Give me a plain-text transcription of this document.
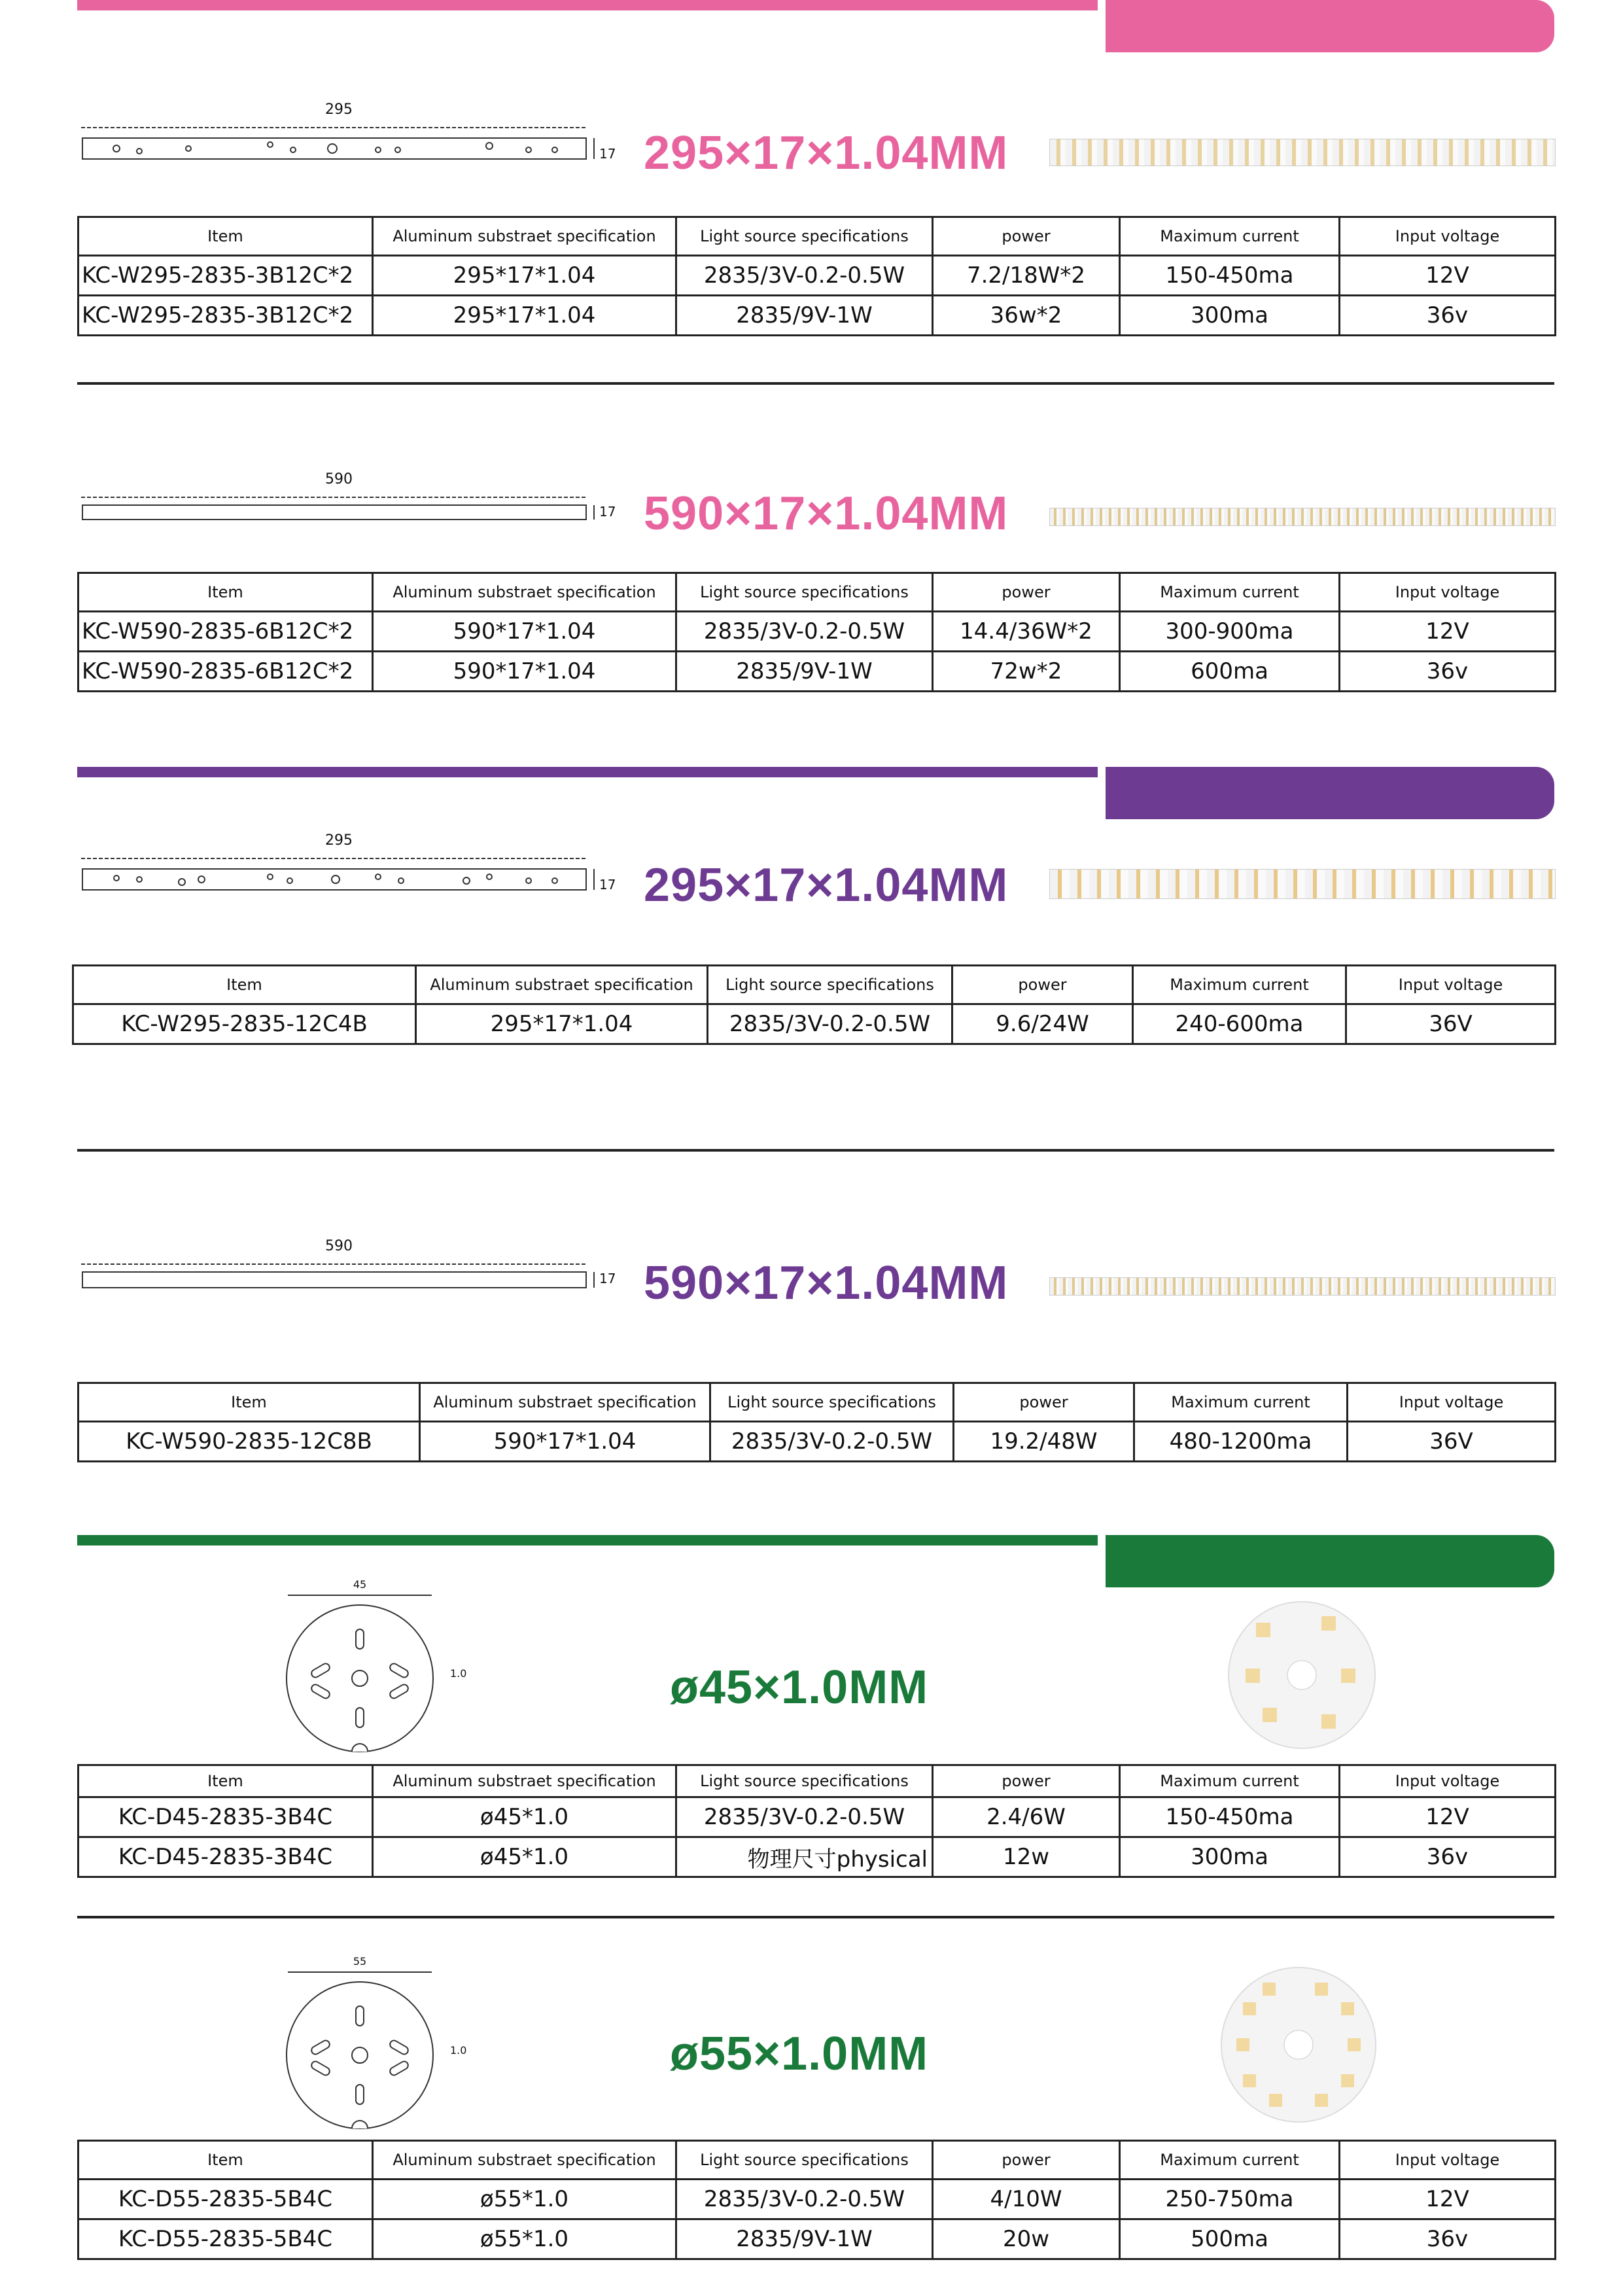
295
17 295×17×1.04MM
Item	Aluminum substraet specification	Light source specifications	power	Maximum current	Input voltage
KC-W295-2835-3B12C*2	295*17*1.04	2835/3V-0.2-0.5W	7.2/18W*2	150-450ma	12V
KC-W295-2835-3B12C*2	295*17*1.04	2835/9V-1W	36w*2	300ma	36v
590
17 590×17×1.04MM
Item	Aluminum substraet specification	Light source specifications	power	Maximum current	Input voltage
KC-W590-2835-6B12C*2	590*17*1.04	2835/3V-0.2-0.5W	14.4/36W*2	300-900ma	12V
KC-W590-2835-6B12C*2	590*17*1.04	2835/9V-1W	72w*2	600ma	36v
295
17 295×17×1.04MM
Item	Aluminum substraet specification	Light source specifications	power	Maximum current	Input voltage
KC-W295-2835-12C4B	295*17*1.04	2835/3V-0.2-0.5W	9.6/24W	240-600ma	36V
590
17 590×17×1.04MM
Item	Aluminum substraet specification	Light source specifications	power	Maximum current	Input voltage
KC-W590-2835-12C8B	590*17*1.04	2835/3V-0.2-0.5W	19.2/48W	480-1200ma	36V
45
1.0	ø45×1.0MM
Item	Aluminum substraet specification	Light source specifications	power	Maximum current	Input voltage
KC-D45-2835-3B4C	ø45*1.0	2835/3V-0.2-0.5W	2.4/6W	150-450ma	12V
KC-D45-2835-3B4C	ø45*1.0	物理尺寸physical	12w	300ma	36v
55
1.0	ø55×1.0MM
Item	Aluminum substraet specification	Light source specifications	power	Maximum current	Input voltage
KC-D55-2835-5B4C	ø55*1.0	2835/3V-0.2-0.5W	4/10W	250-750ma	12V
KC-D55-2835-5B4C	ø55*1.0	2835/9V-1W	20w	500ma	36v
